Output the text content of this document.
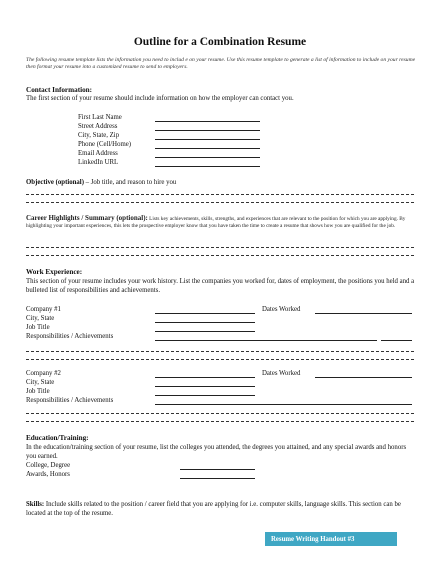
Outline for a Combination Resume
The following resume template lists the information you need to includ e on your resume. Use this resume template to generate a list of information to include on your resume then format your resume into a customized resume to send to employers.
Contact Information:
The first section of your resume should include information on how the employer can contact you.
First Last Name
Street Address
City, State, Zip
Phone (Cell/Home)
Email Address
LinkedIn URL
Objective (optional) – Job title, and reason to hire you
Career Highlights / Summary (optional): Lists key achievements, skills, strengths, and experiences that are relevant to the position for which you are applying. By highlighting your important experiences, this lets the prospective employer know that you have taken the time to create a resume that shows how you are qualified for the job.
Work Experience:
This section of your resume includes your work history. List the companies you worked for, dates of employment, the positions you held and a bulleted list of responsibilities and achievements.
Company #1	Dates Worked
City, State
Job Title
Responsibilities / Achievements
Company #2	Dates Worked
City, State
Job Title
Responsibilities / Achievements
Education/Training:
In the education/training section of your resume, list the colleges you attended, the degrees you attained, and any special awards and honors you earned.
College, Degree
Awards, Honors
Skills: Include skills related to the position / career field that you are applying for i.e. computer skills, language skills. This section can be located at the top of the resume.
Resume Writing Handout #3
